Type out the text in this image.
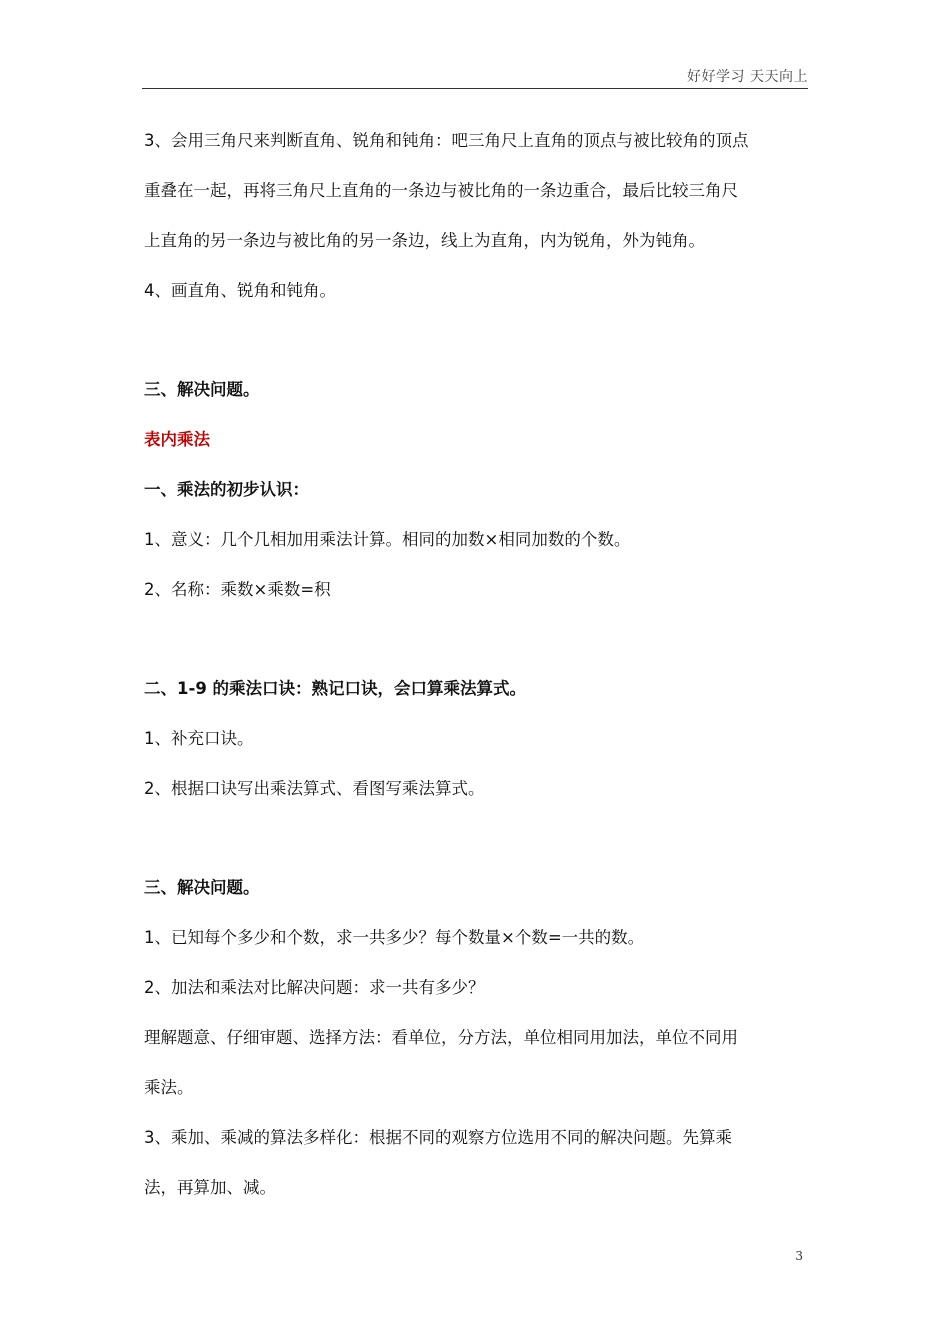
好好学习 天天向上
3、会用三角尺来判断直角、锐角和钝角：吧三角尺上直角的顶点与被比较角的顶点
重叠在一起，再将三角尺上直角的一条边与被比角的一条边重合，最后比较三角尺
上直角的另一条边与被比角的另一条边，线上为直角，内为锐角，外为钝角。
4、画直角、锐角和钝角。
三、解决问题。
表内乘法
一、乘法的初步认识：
1、意义：几个几相加用乘法计算。相同的加数×相同加数的个数。
2、名称：乘数×乘数=积
二、1-9 的乘法口诀：熟记口诀，会口算乘法算式。
1、补充口诀。
2、根据口诀写出乘法算式、看图写乘法算式。
三、解决问题。
1、已知每个多少和个数，求一共多少？每个数量×个数=一共的数。
2、加法和乘法对比解决问题：求一共有多少？
理解题意、仔细审题、选择方法：看单位，分方法，单位相同用加法，单位不同用
乘法。
3、乘加、乘减的算法多样化：根据不同的观察方位选用不同的解决问题。先算乘
法，再算加、减。
3
